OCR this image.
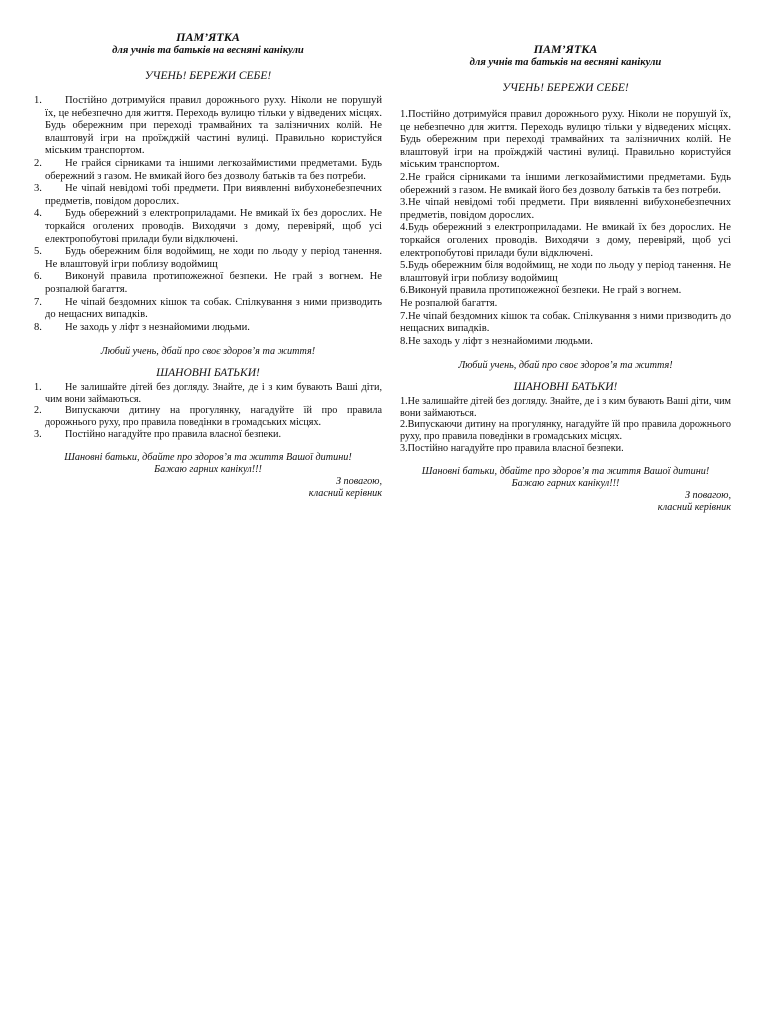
ПАМ’ЯТКА
для учнів та батьків на весняні канікули
УЧЕНЬ! БЕРЕЖИ СЕБЕ!
1.	Постійно дотримуйся правил дорожнього руху. Ніколи не порушуй їх, це небезпечно для життя. Переходь вулицю тільки у відведених місцях. Будь обережним при переході трамвайних та залізничних колій. Не влаштовуй ігри на проїжджій частині вулиці. Правильно користуйся міським транспортом.
2.	Не грайся сірниками та іншими легкозаймистими предметами. Будь обережний з газом. Не вмикай його без дозволу батьків та без потреби.
3.	Не чіпай невідомі тобі предмети. При виявленні вибухонебезпечних предметів, повідом дорослих.
4.	Будь обережний з електроприладами. Не вмикай їх без дорослих. Не торкайся оголених проводів. Виходячи з дому, перевіряй, щоб усі електропобутові прилади були відключені.
5.	Будь обережним біля водоймищ, не ходи по льоду у період танення. Не влаштовуй ігри поблизу водоймищ
6.	Виконуй правила протипожежної безпеки. Не грай з вогнем. Не розпалюй багаття.
7.	Не чіпай бездомних кішок та собак. Спілкування з ними призводить до нещасних випадків.
8.	Не заходь у ліфт з незнайомими людьми.
Любий учень, дбай про своє здоров’я та життя!
ШАНОВНІ БАТЬКИ!
1.	Не залишайте дітей без догляду. Знайте, де і з ким бувають Ваші діти, чим вони займаються.
2.	Випускаючи дитину на прогулянку, нагадуйте їй про правила дорожнього руху, про правила поведінки в громадських місцях.
3.	Постійно нагадуйте про правила власної безпеки.
Шановні батьки, дбайте про здоров’я та життя Вашої дитини!
Бажаю гарних канікул!!!
З повагою,
класний керівник
ПАМ’ЯТКА
для учнів та батьків на весняні канікули
УЧЕНЬ! БЕРЕЖИ СЕБЕ!

1.Постійно дотримуйся правил дорожнього руху. Ніколи не порушуй їх, це небезпечно для життя. Переходь вулицю тільки у відведених місцях. Будь обережним при переході трамвайних та залізничних колій. Не влаштовуй ігри на проїжджій частині вулиці. Правильно користуйся міським транспортом.

2.Не грайся сірниками та іншими легкозаймистими предметами. Будь обережний з газом. Не вмикай його без дозволу батьків та без потреби.

3.Не чіпай невідомі тобі предмети. При виявленні вибухонебезпечних предметів, повідом дорослих.

4.Будь обережний з електроприладами. Не вмикай їх без дорослих. Не торкайся оголених проводів. Виходячи з дому, перевіряй, щоб усі електропобутові прилади були відключені.

5.Будь обережним біля водоймищ, не ходи по льоду у період танення. Не влаштовуй ігри поблизу водоймищ

6.Виконуй правила протипожежної безпеки. Не грай з вогнем.

Не розпалюй багаття.

7.Не чіпай бездомних кішок та собак. Спілкування з ними призводить до нещасних випадків.

8.Не заходь у ліфт з незнайомими людьми.

Любий учень, дбай про своє здоров’я та життя!
ШАНОВНІ БАТЬКИ!

1.Не залишайте дітей без догляду. Знайте, де і з ким бувають Ваші діти, чим вони займаються.

2.Випускаючи дитину на прогулянку, нагадуйте їй про правила дорожнього руху, про правила поведінки в громадських місцях.

3.Постійно нагадуйте про правила власної безпеки.

Шановні батьки, дбайте про здоров’я та життя Вашої дитини!
Бажаю гарних канікул!!!
З повагою,
класний керівник
